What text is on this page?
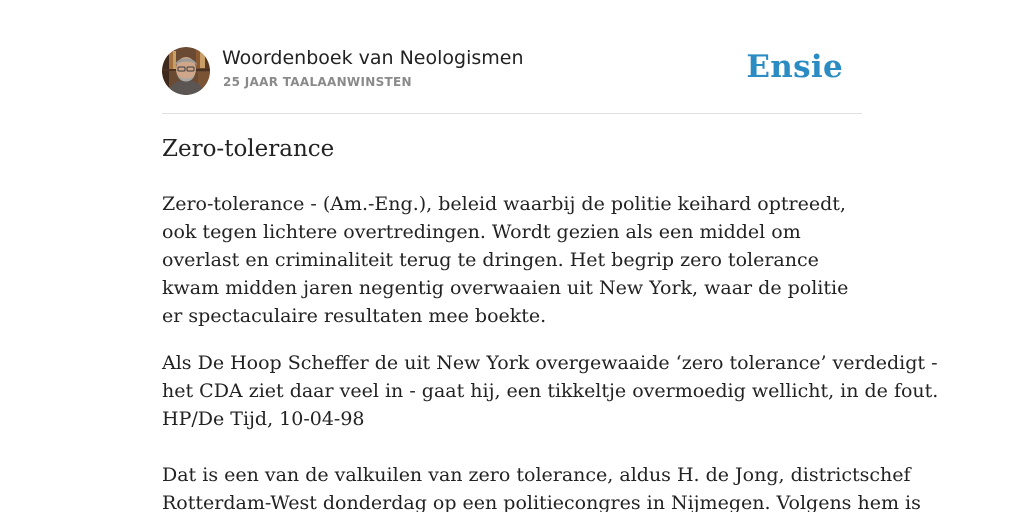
Woordenboek van Neologismen
25 JAAR TAALAANWINSTEN	Ensie
Zero-tolerance

Zero-tolerance - (Am.-Eng.), beleid waarbij de politie keihard optreedt, ook tegen lichtere overtredingen. Wordt gezien als een middel om overlast en criminaliteit terug te dringen. Het begrip zero tolerance kwam midden jaren negentig overwaaien uit New York, waar de politie er spectaculaire resultaten mee boekte.

Als De Hoop Scheffer de uit New York overgewaaide ‘zero tolerance’ verdedigt -
het CDA ziet daar veel in - gaat hij, een tikkeltje overmoedig wellicht, in de fout.
HP/De Tijd, 10-04-98
Dat is een van de valkuilen van zero tolerance, aldus H. de Jong, districtschef
Rotterdam-West donderdag op een politiecongres in Nijmegen. Volgens hem is
